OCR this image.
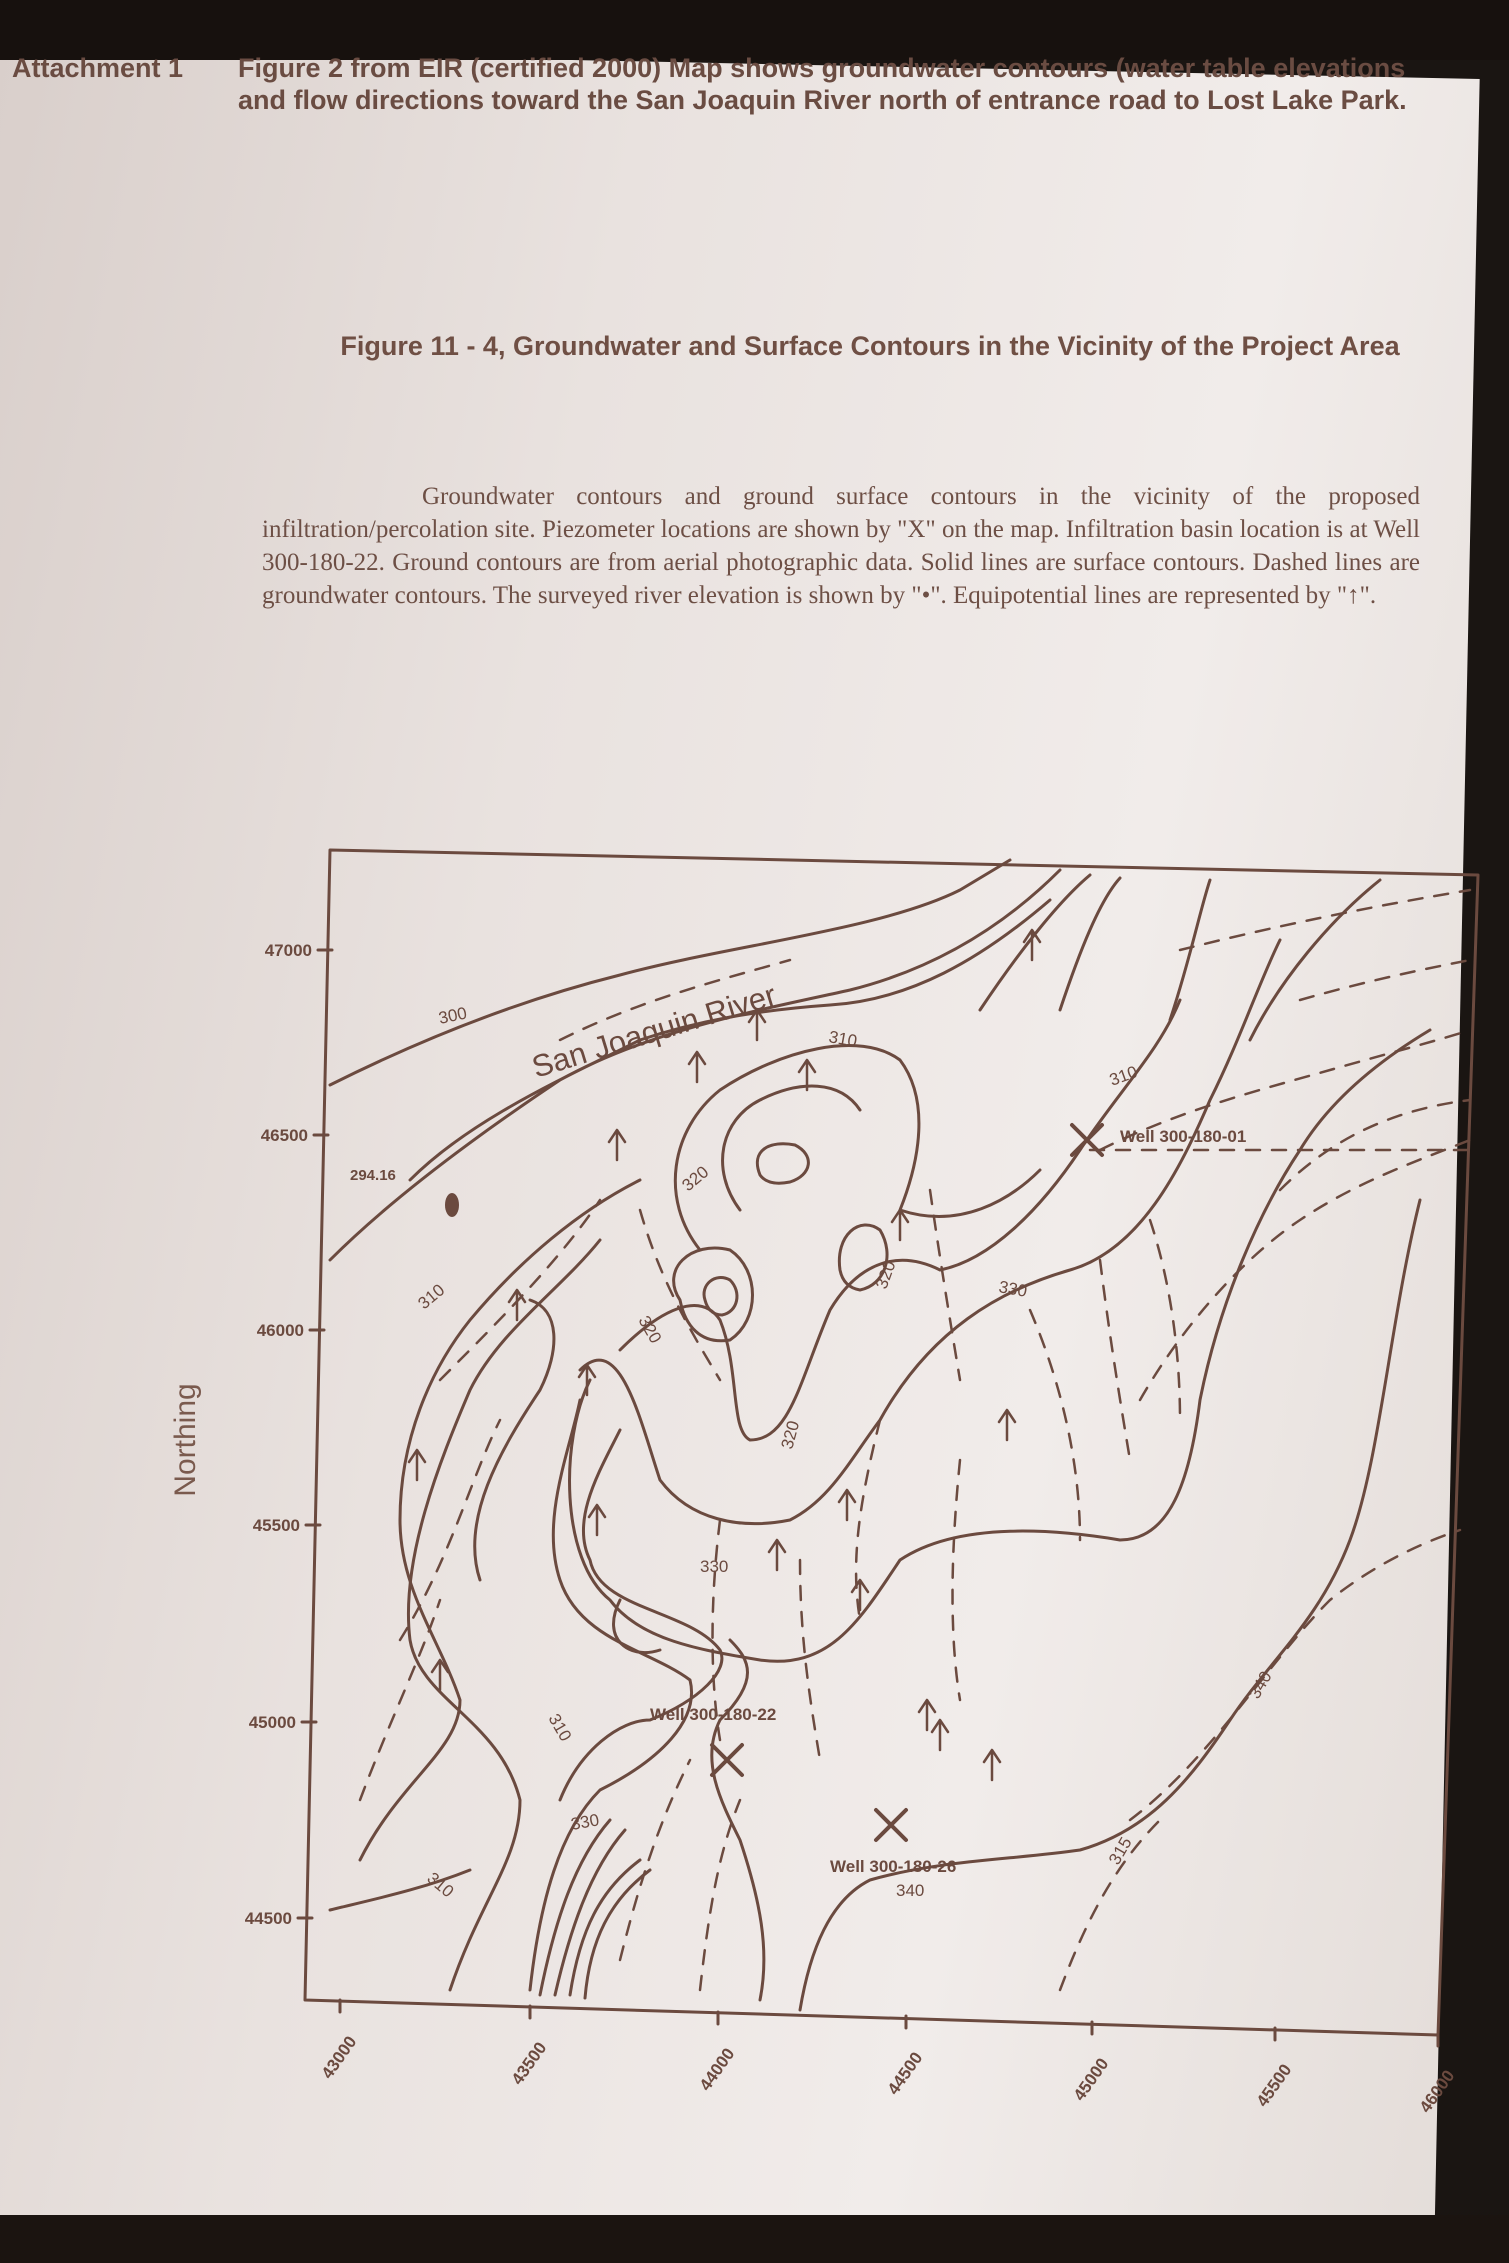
Attachment 1 Figure 2 from EIR (certified 2000) Map shows groundwater contours (water table elevations and flow directions toward the San Joaquin River north of entrance road to Lost Lake Park.
Figure 11 - 4, Groundwater and Surface Contours in the Vicinity of the Project Area
Groundwater contours and ground surface contours in the vicinity of the proposed infiltration/percolation site. Piezometer locations are shown by "X" on the map. Infiltration basin location is at Well 300-180-22. Ground contours are from aerial photographic data. Solid lines are surface contours. Dashed lines are groundwater contours. The surveyed river elevation is shown by "•". Equipotential lines are represented by "↑".
47000
46500
46000
45500
45000
44500
Northing
43000	43500	44000	44500	45000	45500	46000
San Joaquin River
294.16
300
310
310
310
310
310
320
320
320
320
330
330
330
340
340
315
Well 300-180-01
Well 300-180-22
Well 300-180-26
